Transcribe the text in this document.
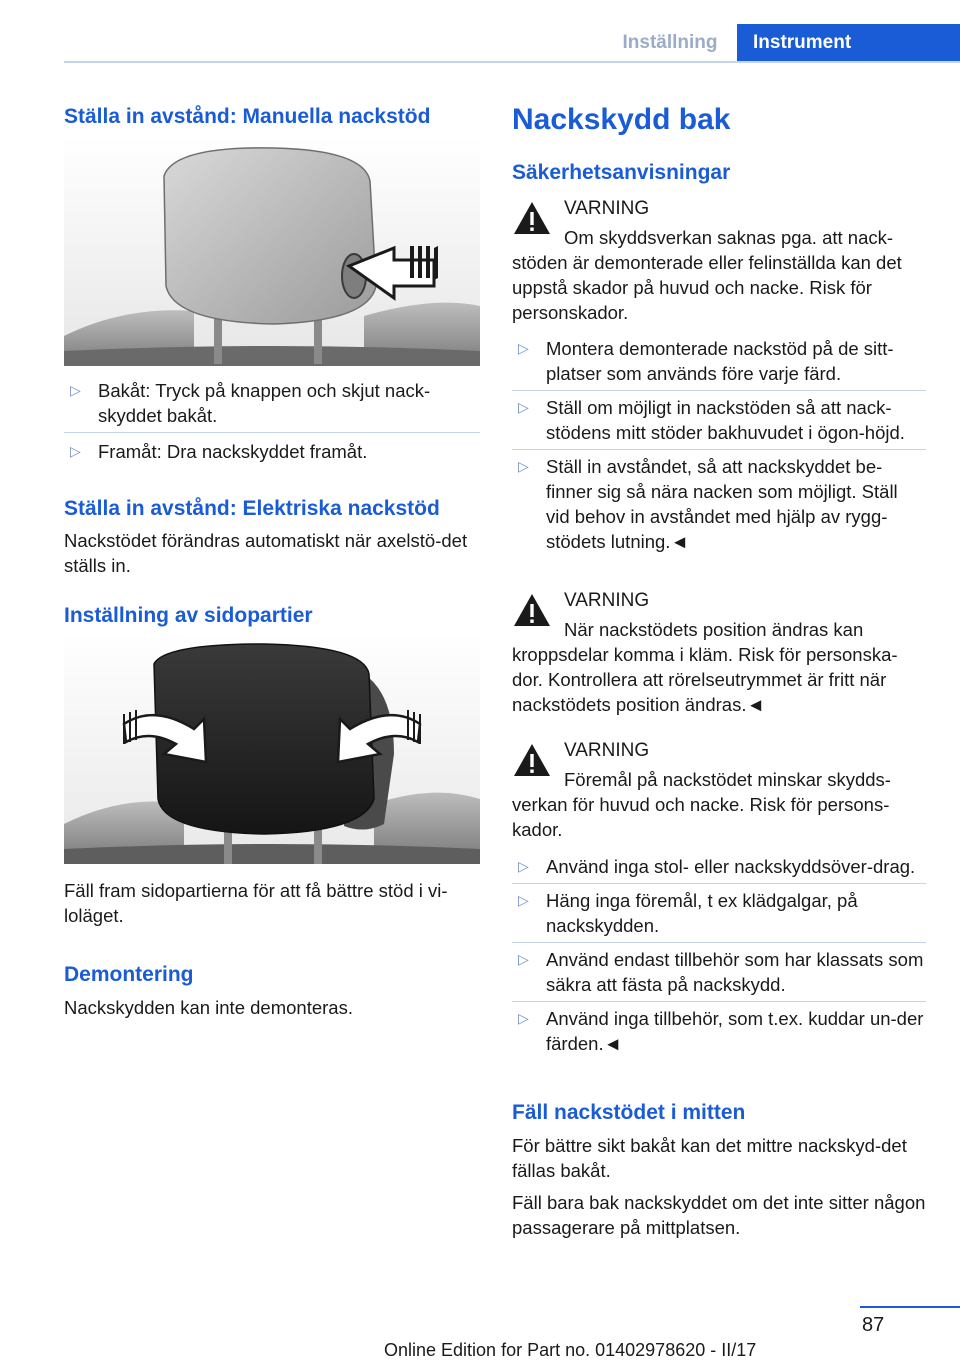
Inställning	Instrument
Ställa in avstånd: Manuella nackstöd
▷ Bakåt: Tryck på knappen och skjut nack-skyddet bakåt.
▷ Framåt: Dra nackskyddet framåt.
Ställa in avstånd: Elektriska nackstöd
Nackstödet förändras automatiskt när axelstö-det ställs in.
Inställning av sidopartier
Fäll fram sidopartierna för att få bättre stöd i vi-loläget.
Demontering
Nackskydden kan inte demonteras.
Nackskydd bak
Säkerhetsanvisningar
VARNING
Om skyddsverkan saknas pga. att nack-
stöden är demonterade eller felinställda kan det uppstå skador på huvud och nacke. Risk för personskador.
▷ Montera demonterade nackstöd på de sitt-platser som används före varje färd.
▷ Ställ om möjligt in nackstöden så att nack-stödens mitt stöder bakhuvudet i ögon-höjd.
▷ Ställ in avståndet, så att nackskyddet be-finner sig så nära nacken som möjligt. Ställ vid behov in avståndet med hjälp av rygg-stödets lutning.◄
VARNING
När nackstödets position ändras kan
kroppsdelar komma i kläm. Risk för personska-dor. Kontrollera att rörelseutrymmet är fritt när nackstödets position ändras.◄
VARNING
Föremål på nackstödet minskar skydds-
verkan för huvud och nacke. Risk för persons-kador.
▷ Använd inga stol- eller nackskyddsöver-drag.
▷ Häng inga föremål, t ex klädgalgar, på nackskydden.
▷ Använd endast tillbehör som har klassats som säkra att fästa på nackskydd.
▷ Använd inga tillbehör, som t.ex. kuddar un-der färden.◄
Fäll nackstödet i mitten
För bättre sikt bakåt kan det mittre nackskyd-det fällas bakåt.
Fäll bara bak nackskyddet om det inte sitter någon passagerare på mittplatsen.
87
Online Edition for Part no. 01402978620 - II/17
